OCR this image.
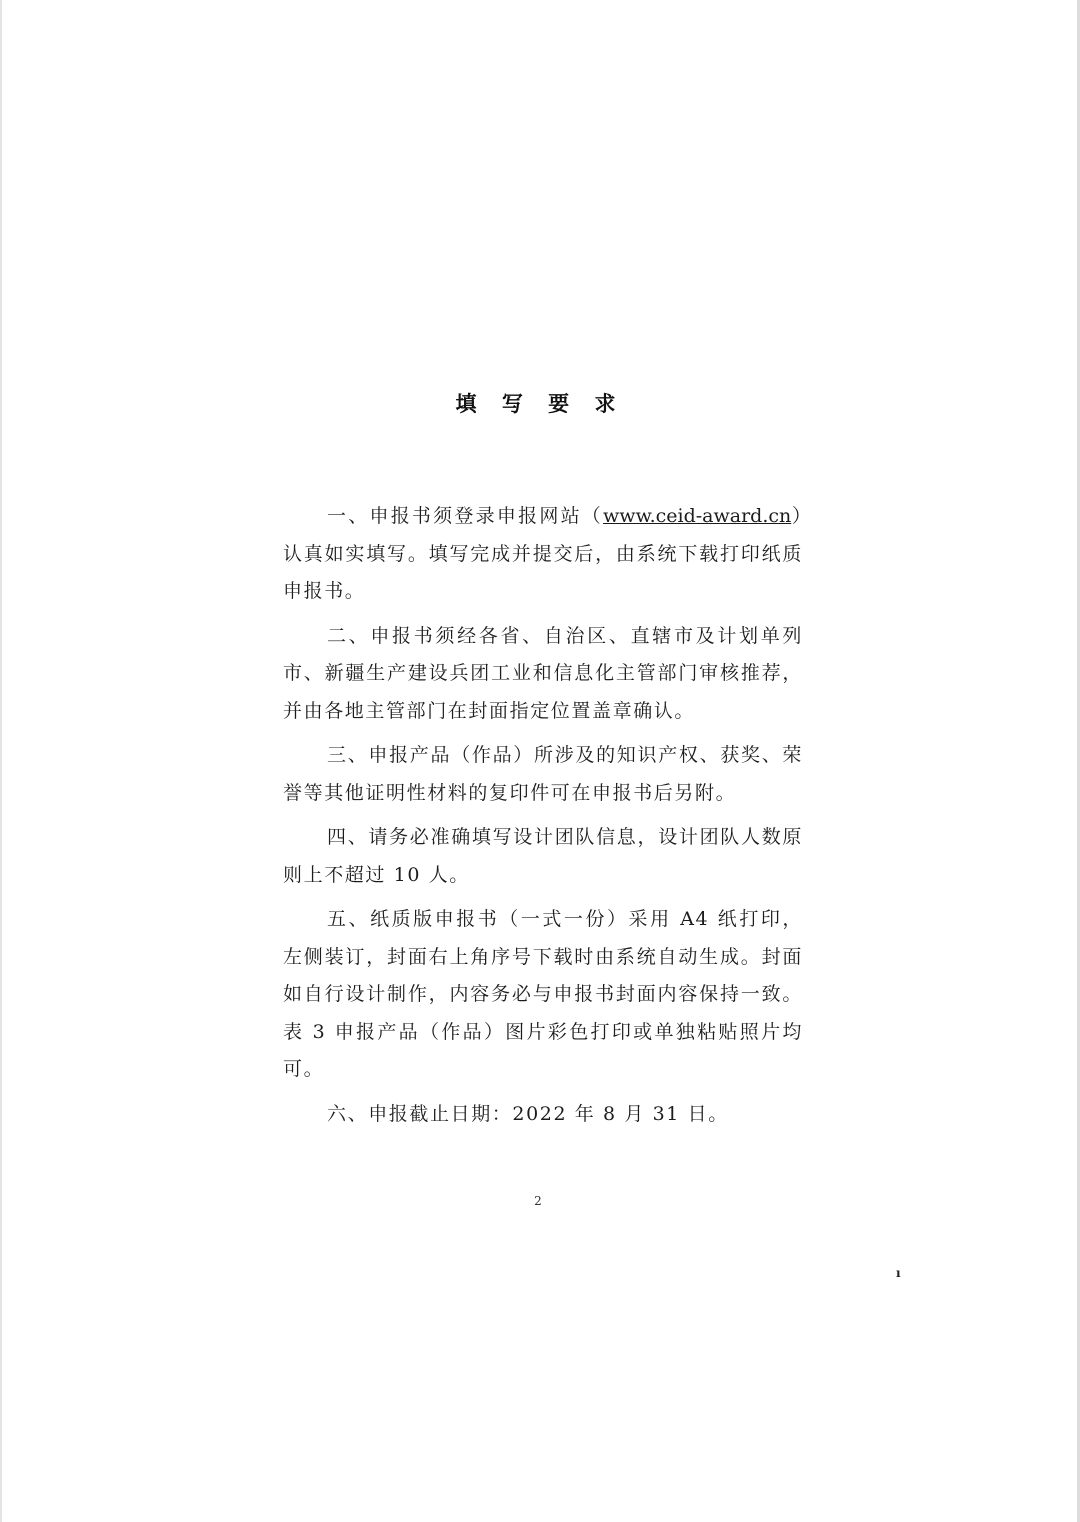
填 写 要 求

一、申报书须登录申报网站（www.ceid-award.cn）认真如实填写。填写完成并提交后，由系统下载打印纸质申报书。

二、申报书须经各省、自治区、直辖市及计划单列市、新疆生产建设兵团工业和信息化主管部门审核推荐，并由各地主管部门在封面指定位置盖章确认。

三、申报产品（作品）所涉及的知识产权、获奖、荣誉等其他证明性材料的复印件可在申报书后另附。

四、请务必准确填写设计团队信息，设计团队人数原则上不超过 10 人。

五、纸质版申报书（一式一份）采用 A4 纸打印，左侧装订，封面右上角序号下载时由系统自动生成。封面如自行设计制作，内容务必与申报书封面内容保持一致。表 3 申报产品（作品）图片彩色打印或单独粘贴照片均可。

六、申报截止日期：2022 年 8 月 31 日。

2
ı
